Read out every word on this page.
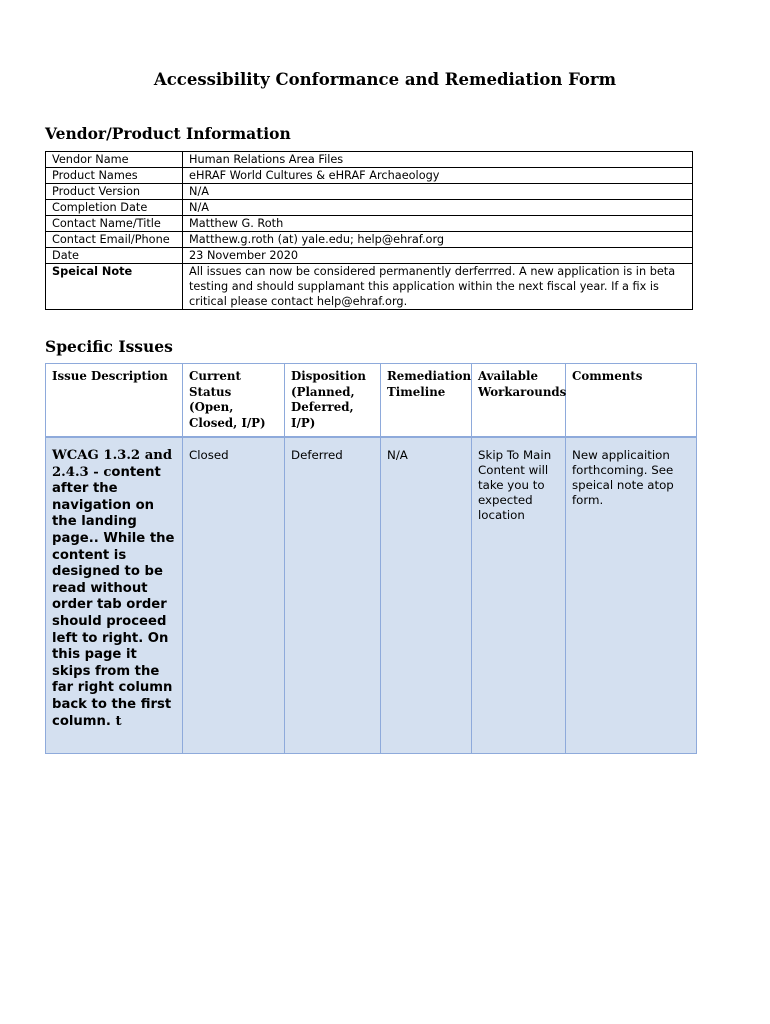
Accessibility Conformance and Remediation Form
Vendor/Product Information
Vendor Name	Human Relations Area Files
Product Names	eHRAF World Cultures & eHRAF Archaeology
Product Version	N/A
Completion Date	N/A
Contact Name/Title	Matthew G. Roth
Contact Email/Phone	Matthew.g.roth (at) yale.edu; help@ehraf.org
Date	23 November 2020
Speical Note	All issues can now be considered permanently derferrred. A new application is in beta testing and should supplamant this application within the next fiscal year. If a fix is critical please contact help@ehraf.org.
Specific Issues
Issue Description	Current Status (Open, Closed, I/P)	Disposition (Planned, Deferred, I/P)	Remediation Timeline	Available Workarounds	Comments
WCAG 1.3.2 and 2.4.3 - content after the navigation on the landing page.. While the content is designed to be read without order tab order should proceed left to right. On this page it skips from the far right column back to the first column. t	Closed	Deferred	N/A	Skip To Main Content will take you to expected location	New applicaition forthcoming. See speical note atop form.
